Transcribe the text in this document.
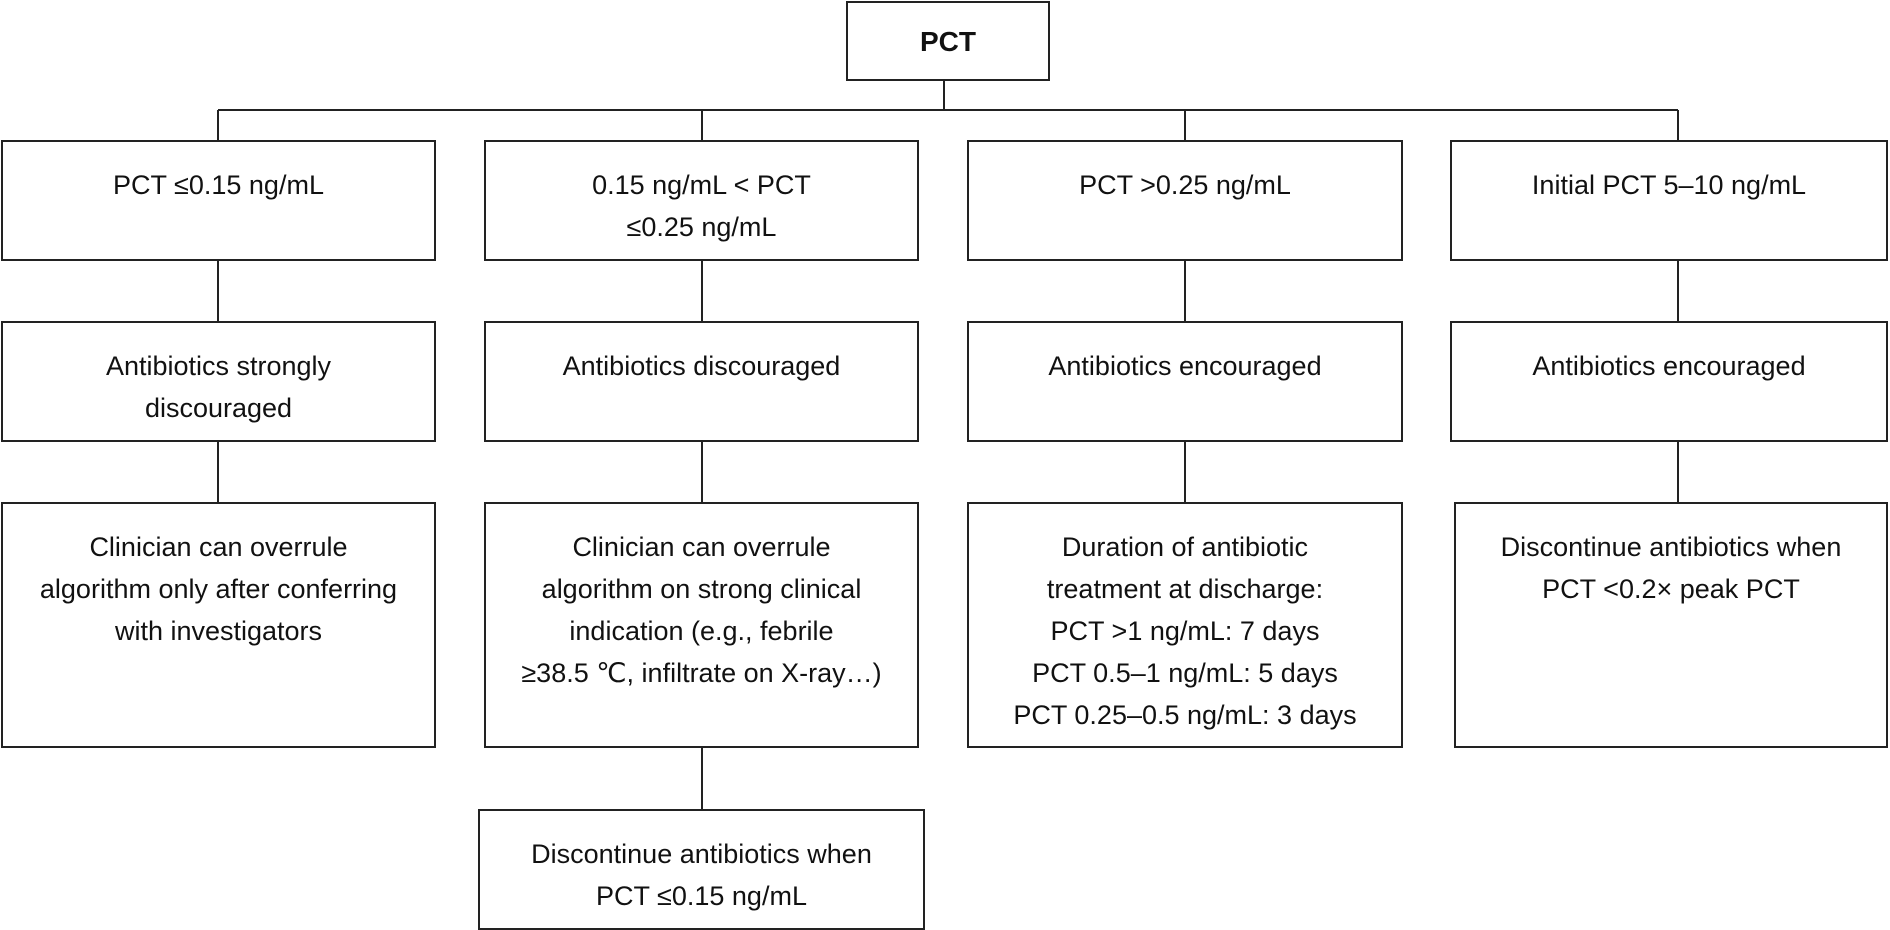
PCT
PCT ≤0.15 ng/mL
Antibiotics strongly
discouraged
Clinician can overrule
algorithm only after conferring
with investigators
0.15 ng/mL < PCT
≤0.25 ng/mL
Antibiotics discouraged
Clinician can overrule
algorithm on strong clinical
indication (e.g., febrile
≥38.5 ℃, infiltrate on X-ray…)
Discontinue antibiotics when
PCT ≤0.15 ng/mL
PCT >0.25 ng/mL
Antibiotics encouraged
Duration of antibiotic
treatment at discharge:
PCT >1 ng/mL: 7 days
PCT 0.5–1 ng/mL: 5 days
PCT 0.25–0.5 ng/mL: 3 days
Initial PCT 5–10 ng/mL
Antibiotics encouraged
Discontinue antibiotics when
PCT <0.2× peak PCT
